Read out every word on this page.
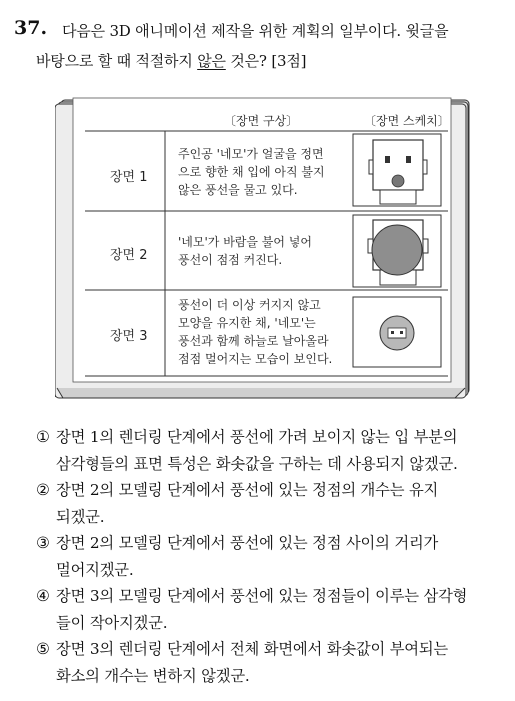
37. 다음은 3D 애니메이션 제작을 위한 계획의 일부이다. 윗글을
바탕으로 할 때 적절하지 않은 것은? [3점]
〔장면 구상〕	〔장면 스케치〕
장면 1
주인공 '네모'가 얼굴을 정면
으로 향한 채 입에 아직 불지
않은 풍선을 물고 있다.
장면 2
'네모'가 바람을 불어 넣어
풍선이 점점 커진다.
장면 3
풍선이 더 이상 커지지 않고
모양을 유지한 채, '네모'는
풍선과 함께 하늘로 날아올라
점점 멀어지는 모습이 보인다.
① 장면 1의 렌더링 단계에서 풍선에 가려 보이지 않는 입 부분의
삼각형들의 표면 특성은 화솟값을 구하는 데 사용되지 않겠군.
② 장면 2의 모델링 단계에서 풍선에 있는 정점의 개수는 유지
되겠군.
③ 장면 2의 모델링 단계에서 풍선에 있는 정점 사이의 거리가
멀어지겠군.
④ 장면 3의 모델링 단계에서 풍선에 있는 정점들이 이루는 삼각형
들이 작아지겠군.
⑤ 장면 3의 렌더링 단계에서 전체 화면에서 화솟값이 부여되는
화소의 개수는 변하지 않겠군.
